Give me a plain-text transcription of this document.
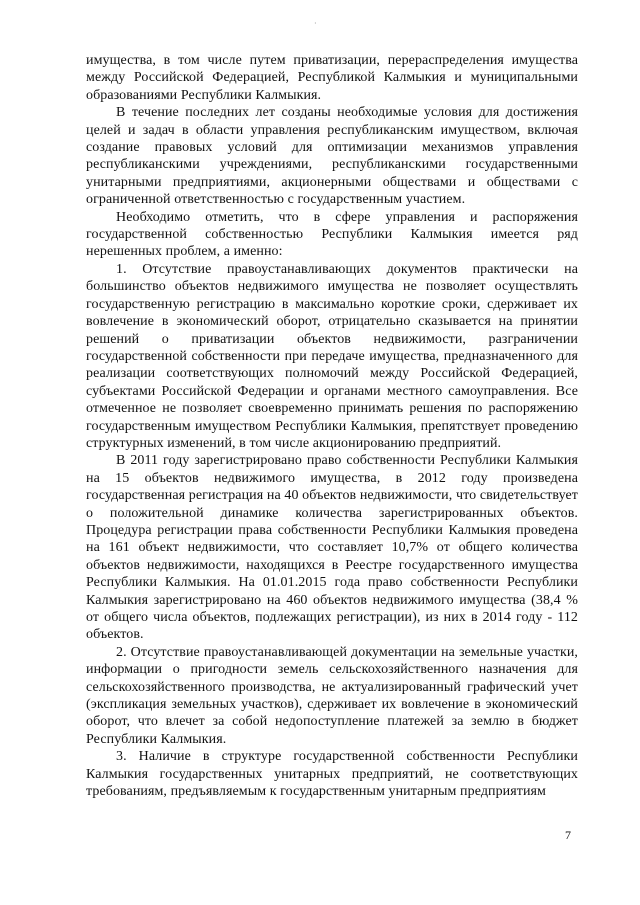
·

имущества, в том числе путем приватизации, перераспределения имущества между Российской Федерацией, Республикой Калмыкия и муниципальными образованиями Республики Калмыкия.

В течение последних лет созданы необходимые условия для достижения целей и задач в области управления республиканским имуществом, включая создание правовых условий для оптимизации механизмов управления республиканскими учреждениями, республиканскими государственными унитарными предприятиями, акционерными обществами и обществами с ограниченной ответственностью с государственным участием.

Необходимо отметить, что в сфере управления и распоряжения государственной собственностью Республики Калмыкия имеется ряд нерешенных проблем, а именно:

1. Отсутствие правоустанавливающих документов практически на большинство объектов недвижимого имущества не позволяет осуществлять государственную регистрацию в максимально короткие сроки, сдерживает их вовлечение в экономический оборот, отрицательно сказывается на принятии решений о приватизации объектов недвижимости, разграничении государственной собственности при передаче имущества, предназначенного для реализации соответствующих полномочий между Российской Федерацией, субъектами Российской Федерации и органами местного самоуправления. Все отмеченное не позволяет своевременно принимать решения по распоряжению государственным имуществом Республики Калмыкия, препятствует проведению структурных изменений, в том числе акционированию предприятий.

В 2011 году зарегистрировано право собственности Республики Калмыкия на 15 объектов недвижимого имущества, в 2012 году произведена государственная регистрация на 40 объектов недвижимости, что свидетельствует о положительной динамике количества зарегистрированных объектов. Процедура регистрации права собственности Республики Калмыкия проведена на 161 объект недвижимости, что составляет 10,7% от общего количества объектов недвижимости, находящихся в Реестре государственного имущества Республики Калмыкия. На 01.01.2015 года право собственности Республики Калмыкия зарегистрировано на 460 объектов недвижимого имущества (38,4 % от общего числа объектов, подлежащих регистрации), из них в 2014 году - 112 объектов.

2. Отсутствие правоустанавливающей документации на земельные участки, информации о пригодности земель сельскохозяйственного назначения для сельскохозяйственного производства, не актуализированный графический учет (экспликация земельных участков), сдерживает их вовлечение в экономический оборот, что влечет за собой недопоступление платежей за землю в бюджет Республики Калмыкия.

3. Наличие в структуре государственной собственности Республики Калмыкия государственных унитарных предприятий, не соответствующих требованиям, предъявляемым к государственным унитарным предприятиям

7
